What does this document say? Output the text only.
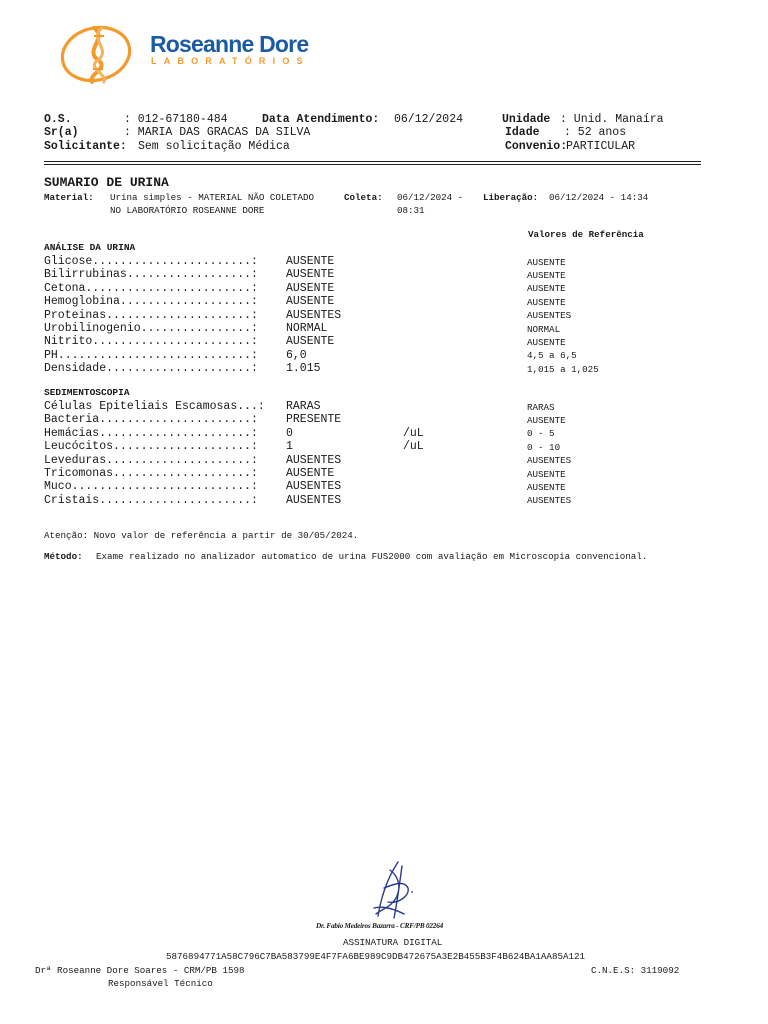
Roseanne Dore
LABORATÓRIOS
O.S.	: 012-67180-484	Data Atendimento: 06/12/2024	Unidade : Unid. Manaíra
Sr(a)	: MARIA DAS GRACAS DA SILVA	Idade : 52 anos
Solicitante: Sem solicitação Médica	Convenio:
PARTICULAR
SUMARIO DE URINA
Material: Urina simples - MATERIAL NÃO COLETADO
NO LABORATÓRIO ROSEANNE DORE
Coleta: 06/12/2024 -
08:31
Liberação: 06/12/2024 - 14:34
Valores de Referência
ANÁLISE DA URINA
Glicose.......................: AUSENTE	AUSENTE
Bilirrubinas..................: AUSENTE	AUSENTE
Cetona........................: AUSENTE	AUSENTE
Hemoglobina...................: AUSENTE	AUSENTE
Proteinas.....................: AUSENTES	AUSENTES
Urobilinogenio................: NORMAL	NORMAL
Nitrito.......................: AUSENTE	AUSENTE
PH............................: 6,0	4,5 a 6,5
Densidade.....................: 1.015	1,015 a 1,025
SEDIMENTOSCOPIA
Células Epiteliais Escamosas...: RARAS	RARAS
Bacteria......................: PRESENTE	AUSENTE
Hemácias......................: 0	/uL	0 - 5
Leucócitos....................: 1	/uL	0 - 10
Leveduras.....................: AUSENTES	AUSENTES
Tricomonas....................: AUSENTE	AUSENTE
Muco..........................: AUSENTES	AUSENTE
Cristais......................: AUSENTES	AUSENTES
Atenção: Novo valor de referência a partir de 30/05/2024.
Método: Exame realizado no analizador automatico de urina FUS2000 com avaliação em Microscopia convencional.
Dr. Fabio Medeiros Bazarra - CRF/PB 02264
ASSINATURA DIGITAL
5876894771A58C796C7BA583799E4F7FA6BE989C9DB472675A3E2B455B3F4B624BA1AA85A121
Drª Roseanne Dore Soares - CRM/PB 1598	C.N.E.S: 3119092
Responsável Técnico
